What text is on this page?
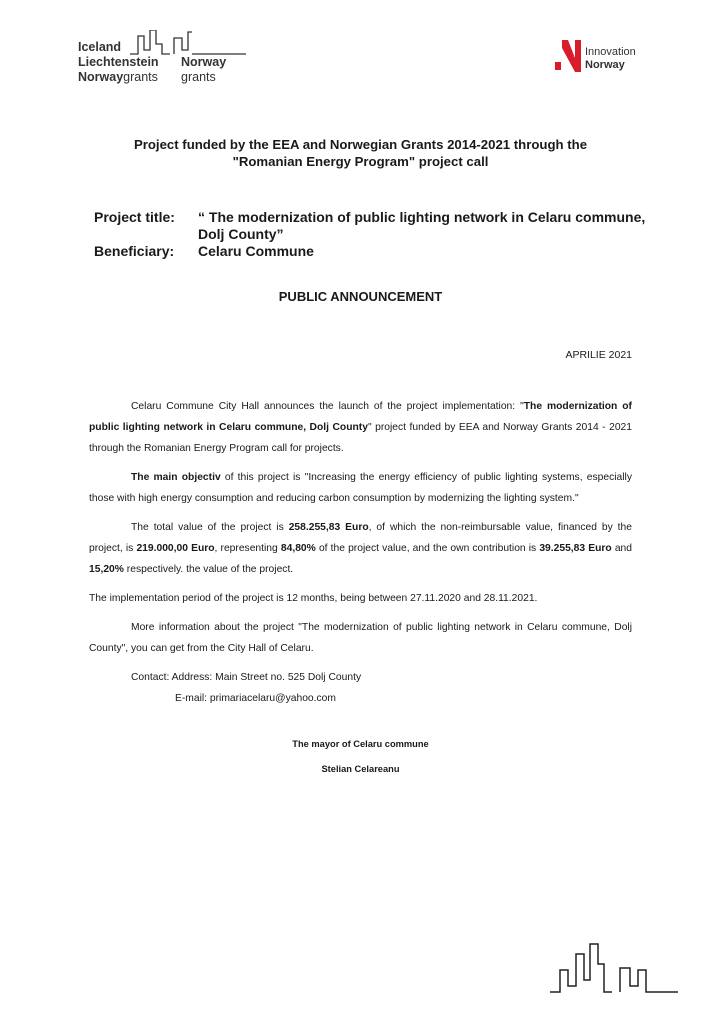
Iceland
Liechtenstein Norway
Norwaygrants grants
Innovation
Norway
Project funded by the EEA and Norwegian Grants 2014-2021 through the
"Romanian Energy Program" project call
Project title:	“ The modernization of public lighting network in Celaru commune, Dolj County”
Beneficiary:	Celaru Commune
PUBLIC ANNOUNCEMENT
APRILIE 2021

Celaru Commune City Hall announces the launch of the project implementation: "The modernization of public lighting network in Celaru commune, Dolj County" project funded by EEA and Norway Grants 2014 - 2021 through the Romanian Energy Program call for projects.

The main objectiv of this project is "Increasing the energy efficiency of public lighting systems, especially those with high energy consumption and reducing carbon consumption by modernizing the lighting system."

The total value of the project is 258.255,83 Euro, of which the non-reimbursable value, financed by the project, is 219.000,00 Euro, representing 84,80% of the project value, and the own contribution is 39.255,83 Euro and 15,20% respectively. the value of the project.

The implementation period of the project is 12 months, being between 27.11.2020 and 28.11.2021.

More information about the project "The modernization of public lighting network in Celaru commune, Dolj County", you can get from the City Hall of Celaru.

Contact: Address: Main Street no. 525 Dolj County

E-mail: primariacelaru@yahoo.com

The mayor of Celaru commune
Stelian Celareanu
